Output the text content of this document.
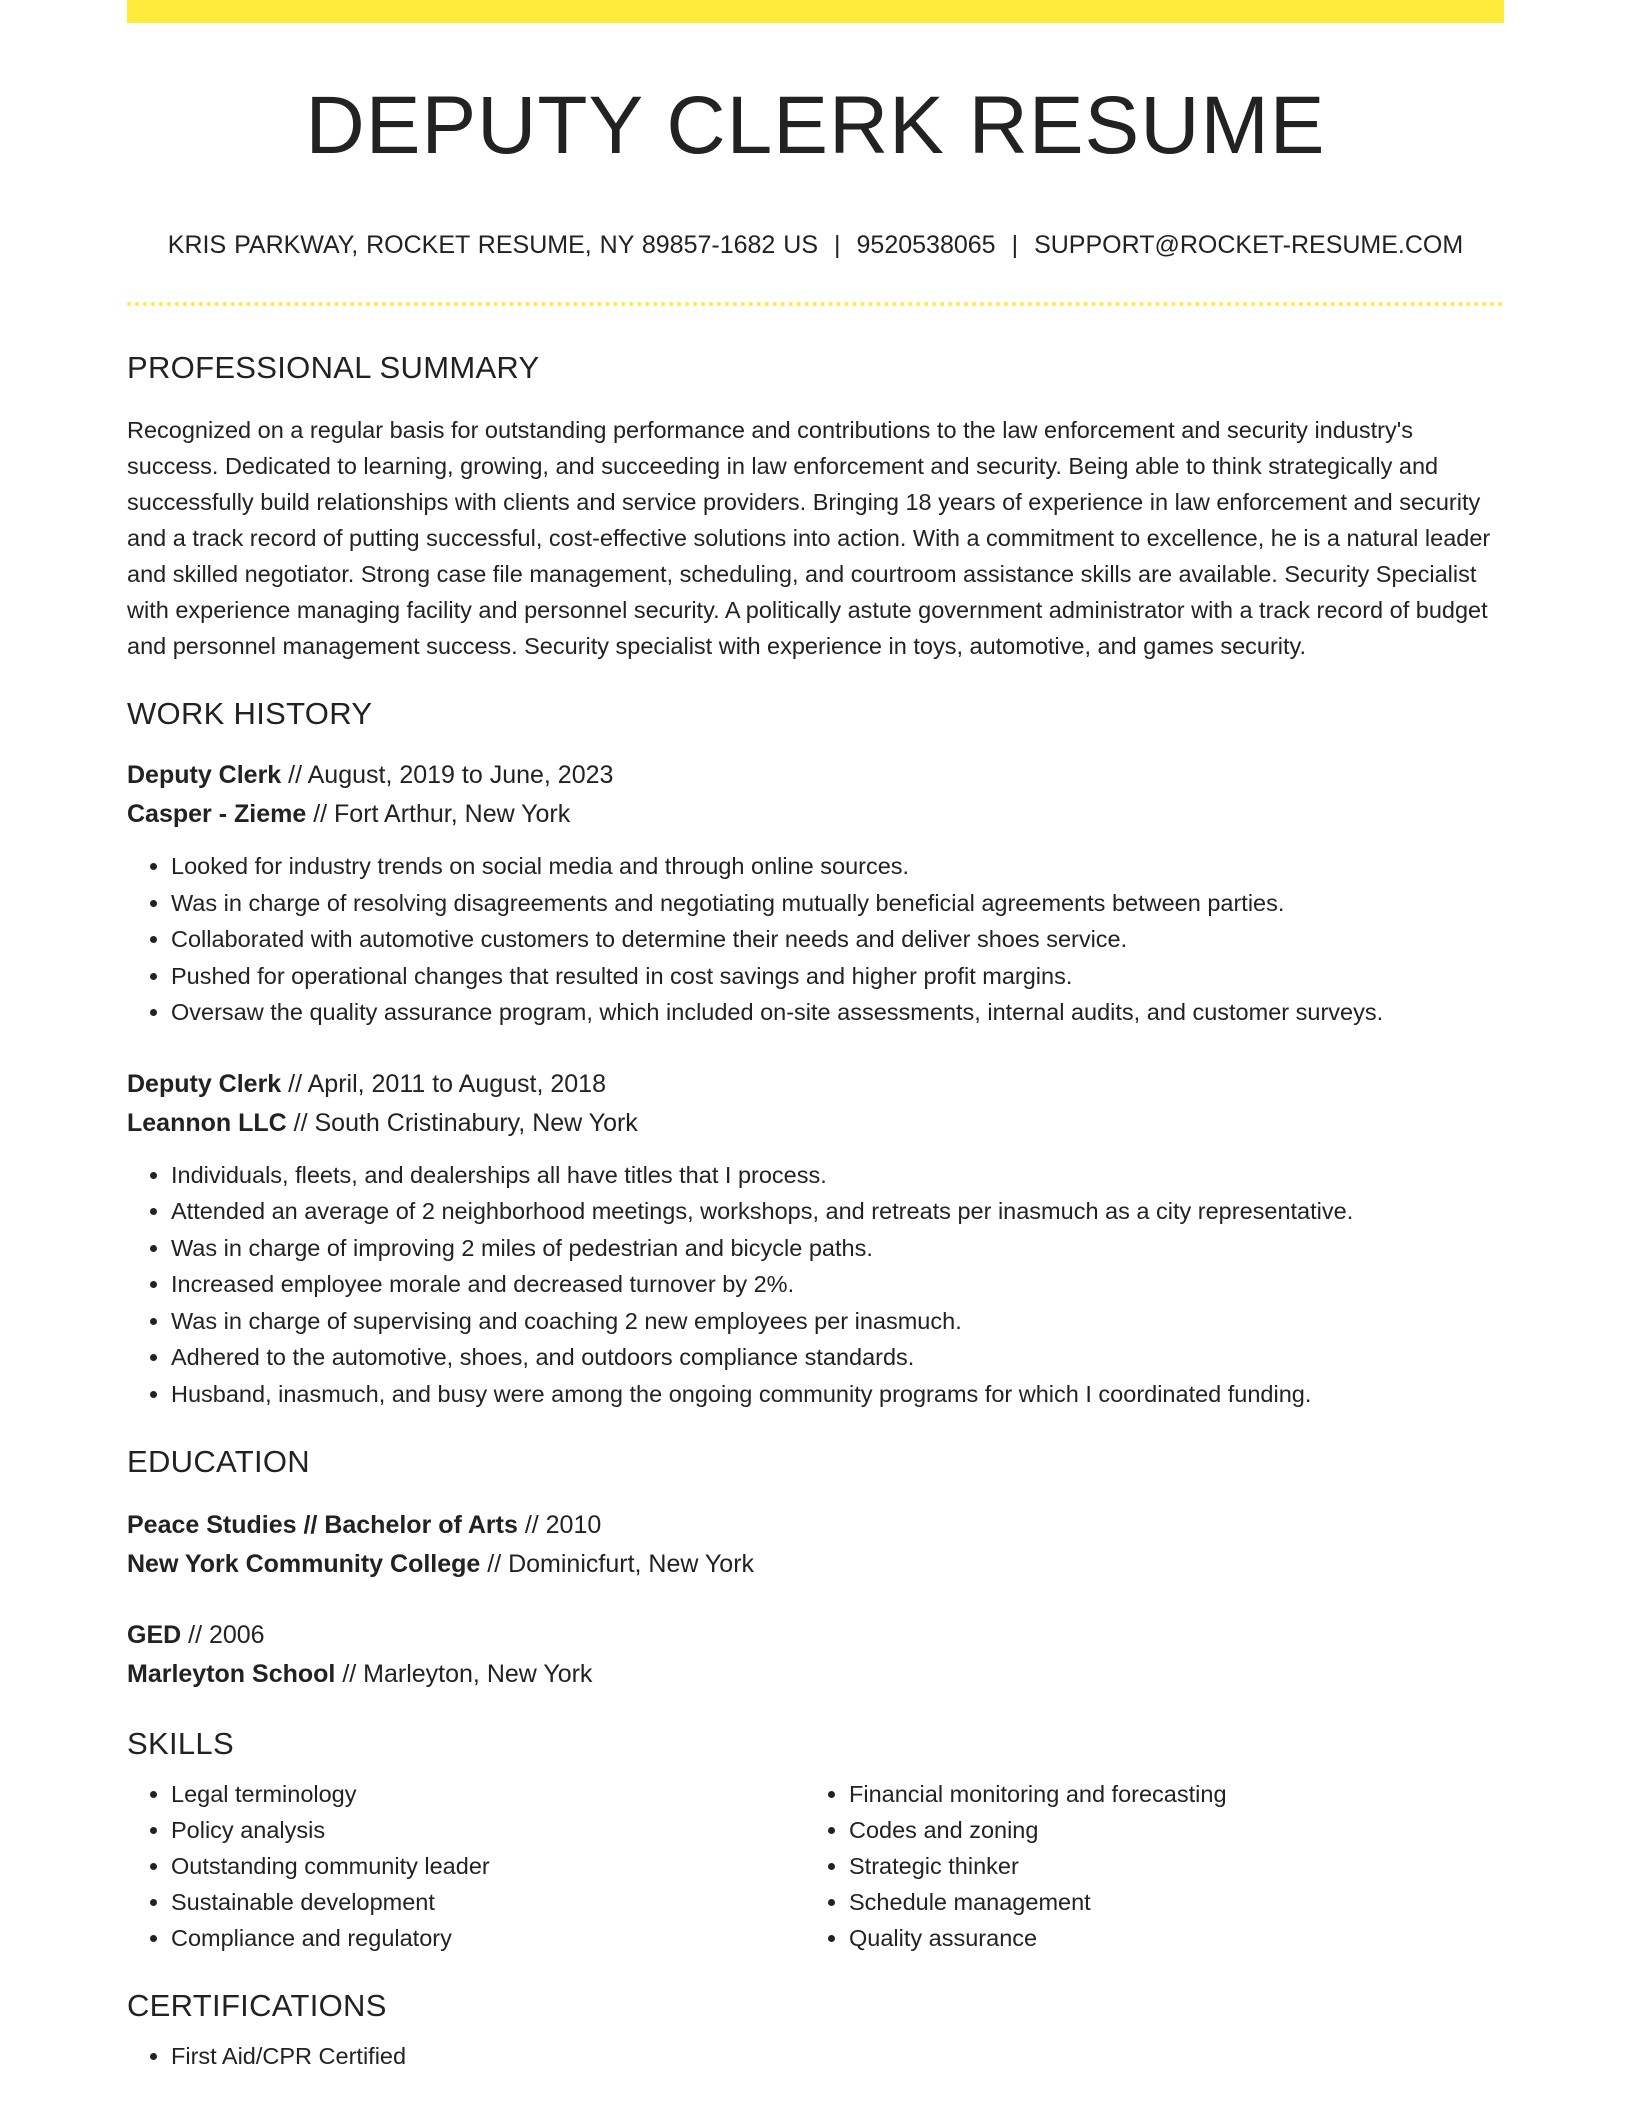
DEPUTY CLERK RESUME
KRIS PARKWAY, ROCKET RESUME, NY 89857-1682 US | 9520538065 | SUPPORT@ROCKET-RESUME.COM
PROFESSIONAL SUMMARY
Recognized on a regular basis for outstanding performance and contributions to the law enforcement and security industry's success. Dedicated to learning, growing, and succeeding in law enforcement and security. Being able to think strategically and successfully build relationships with clients and service providers. Bringing 18 years of experience in law enforcement and security and a track record of putting successful, cost-effective solutions into action. With a commitment to excellence, he is a natural leader and skilled negotiator. Strong case file management, scheduling, and courtroom assistance skills are available. Security Specialist with experience managing facility and personnel security. A politically astute government administrator with a track record of budget and personnel management success. Security specialist with experience in toys, automotive, and games security.
WORK HISTORY
Deputy Clerk // August, 2019 to June, 2023
Casper - Zieme // Fort Arthur, New York
• Looked for industry trends on social media and through online sources.
• Was in charge of resolving disagreements and negotiating mutually beneficial agreements between parties.
• Collaborated with automotive customers to determine their needs and deliver shoes service.
• Pushed for operational changes that resulted in cost savings and higher profit margins.
• Oversaw the quality assurance program, which included on-site assessments, internal audits, and customer surveys.
Deputy Clerk // April, 2011 to August, 2018
Leannon LLC // South Cristinabury, New York
• Individuals, fleets, and dealerships all have titles that I process.
• Attended an average of 2 neighborhood meetings, workshops, and retreats per inasmuch as a city representative.
• Was in charge of improving 2 miles of pedestrian and bicycle paths.
• Increased employee morale and decreased turnover by 2%.
• Was in charge of supervising and coaching 2 new employees per inasmuch.
• Adhered to the automotive, shoes, and outdoors compliance standards.
• Husband, inasmuch, and busy were among the ongoing community programs for which I coordinated funding.
EDUCATION
Peace Studies // Bachelor of Arts // 2010
New York Community College // Dominicfurt, New York
GED // 2006
Marleyton School // Marleyton, New York
SKILLS
• Legal terminology
• Policy analysis
• Outstanding community leader
• Sustainable development
• Compliance and regulatory
• Financial monitoring and forecasting
• Codes and zoning
• Strategic thinker
• Schedule management
• Quality assurance
CERTIFICATIONS
• First Aid/CPR Certified
